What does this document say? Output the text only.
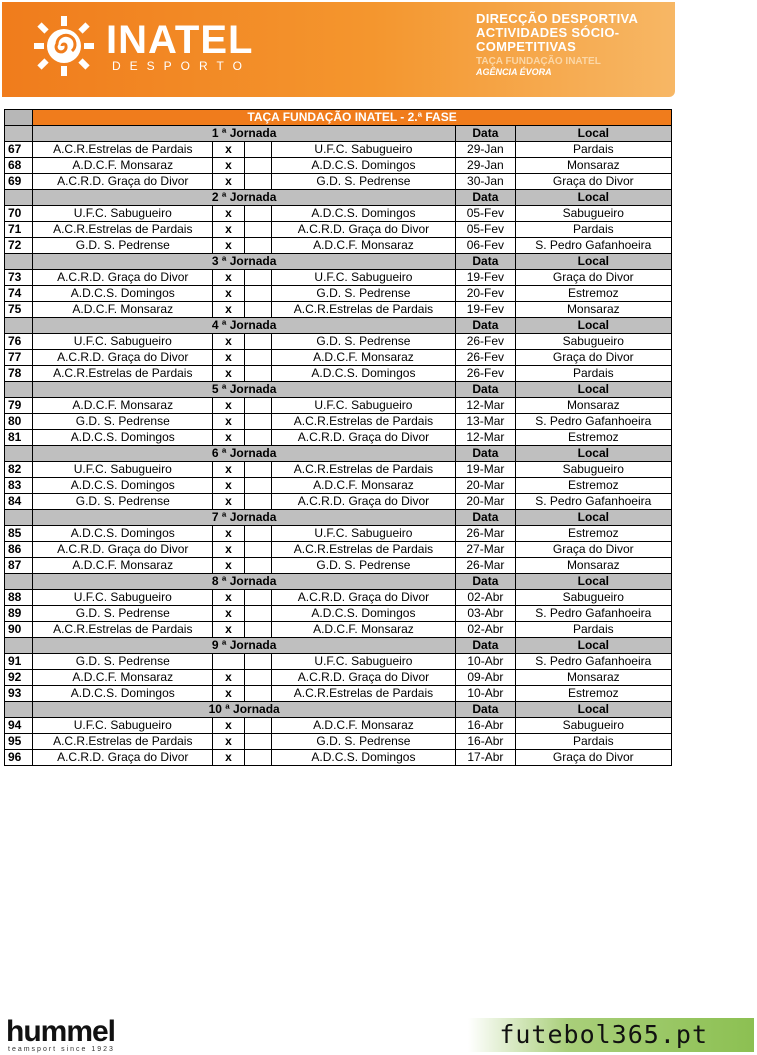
INATEL
DESPORTO
DIRECÇÃO DESPORTIVA
ACTIVIDADES SÓCIO-
COMPETITIVAS
TAÇA FUNDAÇÃO INATEL
AGÊNCIA ÉVORA
	TAÇA FUNDAÇÃO INATEL - 2.ª FASE					
	1 ª Jornada				Data	Local
67	A.C.R.Estrelas de Pardais	x		U.F.C. Sabugueiro	29-Jan	Pardais
68	A.D.C.F. Monsaraz	x		A.D.C.S. Domingos	29-Jan	Monsaraz
69	A.C.R.D. Graça do Divor	x		G.D. S. Pedrense	30-Jan	Graça do Divor
	2 ª Jornada				Data	Local
70	U.F.C. Sabugueiro	x		A.D.C.S. Domingos	05-Fev	Sabugueiro
71	A.C.R.Estrelas de Pardais	x		A.C.R.D. Graça do Divor	05-Fev	Pardais
72	G.D. S. Pedrense	x		A.D.C.F. Monsaraz	06-Fev	S. Pedro Gafanhoeira
	3 ª Jornada				Data	Local
73	A.C.R.D. Graça do Divor	x		U.F.C. Sabugueiro	19-Fev	Graça do Divor
74	A.D.C.S. Domingos	x		G.D. S. Pedrense	20-Fev	Estremoz
75	A.D.C.F. Monsaraz	x		A.C.R.Estrelas de Pardais	19-Fev	Monsaraz
	4 ª Jornada				Data	Local
76	U.F.C. Sabugueiro	x		G.D. S. Pedrense	26-Fev	Sabugueiro
77	A.C.R.D. Graça do Divor	x		A.D.C.F. Monsaraz	26-Fev	Graça do Divor
78	A.C.R.Estrelas de Pardais	x		A.D.C.S. Domingos	26-Fev	Pardais
	5 ª Jornada				Data	Local
79	A.D.C.F. Monsaraz	x		U.F.C. Sabugueiro	12-Mar	Monsaraz
80	G.D. S. Pedrense	x		A.C.R.Estrelas de Pardais	13-Mar	S. Pedro Gafanhoeira
81	A.D.C.S. Domingos	x		A.C.R.D. Graça do Divor	12-Mar	Estremoz
	6 ª Jornada				Data	Local
82	U.F.C. Sabugueiro	x		A.C.R.Estrelas de Pardais	19-Mar	Sabugueiro
83	A.D.C.S. Domingos	x		A.D.C.F. Monsaraz	20-Mar	Estremoz
84	G.D. S. Pedrense	x		A.C.R.D. Graça do Divor	20-Mar	S. Pedro Gafanhoeira
	7 ª Jornada				Data	Local
85	A.D.C.S. Domingos	x		U.F.C. Sabugueiro	26-Mar	Estremoz
86	A.C.R.D. Graça do Divor	x		A.C.R.Estrelas de Pardais	27-Mar	Graça do Divor
87	A.D.C.F. Monsaraz	x		G.D. S. Pedrense	26-Mar	Monsaraz
	8 ª Jornada				Data	Local
88	U.F.C. Sabugueiro	x		A.C.R.D. Graça do Divor	02-Abr	Sabugueiro
89	G.D. S. Pedrense	x		A.D.C.S. Domingos	03-Abr	S. Pedro Gafanhoeira
90	A.C.R.Estrelas de Pardais	x		A.D.C.F. Monsaraz	02-Abr	Pardais
	9 ª Jornada				Data	Local
91	G.D. S. Pedrense			U.F.C. Sabugueiro	10-Abr	S. Pedro Gafanhoeira
92	A.D.C.F. Monsaraz	x		A.C.R.D. Graça do Divor	09-Abr	Monsaraz
93	A.D.C.S. Domingos	x		A.C.R.Estrelas de Pardais	10-Abr	Estremoz
	10 ª Jornada				Data	Local
94	U.F.C. Sabugueiro	x		A.D.C.F. Monsaraz	16-Abr	Sabugueiro
95	A.C.R.Estrelas de Pardais	x		G.D. S. Pedrense	16-Abr	Pardais
96	A.C.R.D. Graça do Divor	x		A.D.C.S. Domingos	17-Abr	Graça do Divor
hummel
teamsport since 1923
futebol365.pt
